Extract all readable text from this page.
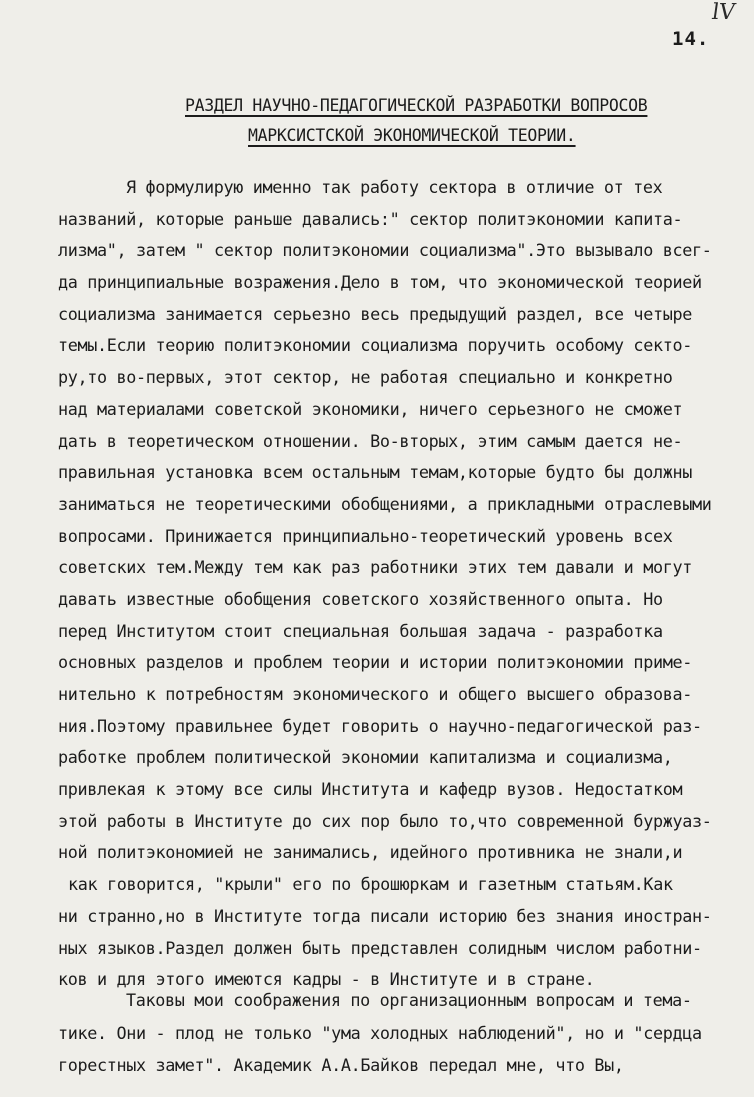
lV
14.
РАЗДЕЛ НАУЧНО-ПЕДАГОГИЧЕСКОЙ РАЗРАБОТКИ ВОПРОСОВ
МАРКСИСТСКОЙ ЭКОНОМИЧЕСКОЙ ТЕОРИИ.
Я формулирую именно так работу сектора в отличие от тех
названий, которые раньше давались:" сектор политэкономии капита-
лизма", затем " сектор политэкономии социализма".Это вызывало всег-
да принципиальные возражения.Дело в том, что экономической теорией
социализма занимается серьезно весь предыдущий раздел, все четыре
темы.Если теорию политэкономии социализма поручить особому секто-
ру,то во-первых, этот сектор, не работая специально и конкретно
над материалами советской экономики, ничего серьезного не сможет
дать в теоретическом отношении. Во-вторых, этим самым дается не-
правильная установка всем остальным темам,которые будто бы должны
заниматься не теоретическими обобщениями, а прикладными отраслевыми
вопросами. Принижается принципиально-теоретический уровень всех
советских тем.Между тем как раз работники этих тем давали и могут
давать известные обобщения советского хозяйственного опыта. Но
перед Институтом стоит специальная большая задача - разработка
основных разделов и проблем теории и истории политэкономии приме-
нительно к потребностям экономического и общего высшего образова-
ния.Поэтому правильнее будет говорить о научно-педагогической раз-
работке проблем политической экономии капитализма и социализма,
привлекая к этому все силы Института и кафедр вузов. Недостатком
этой работы в Институте до сих пор было то,что современной буржуаз-
ной политэкономией не занимались, идейного противника не знали,и
как говорится, "крыли" его по брошюркам и газетным статьям.Как
ни странно,но в Институте тогда писали историю без знания иностран-
ных языков.Раздел должен быть представлен солидным числом работни-
ков и для этого имеются кадры - в Институте и в стране.
Таковы мои соображения по организационным вопросам и тема-
тике. Они - плод не только "ума холодных наблюдений", но и "сердца
горестных замет". Академик А.А.Байков передал мне, что Вы,
